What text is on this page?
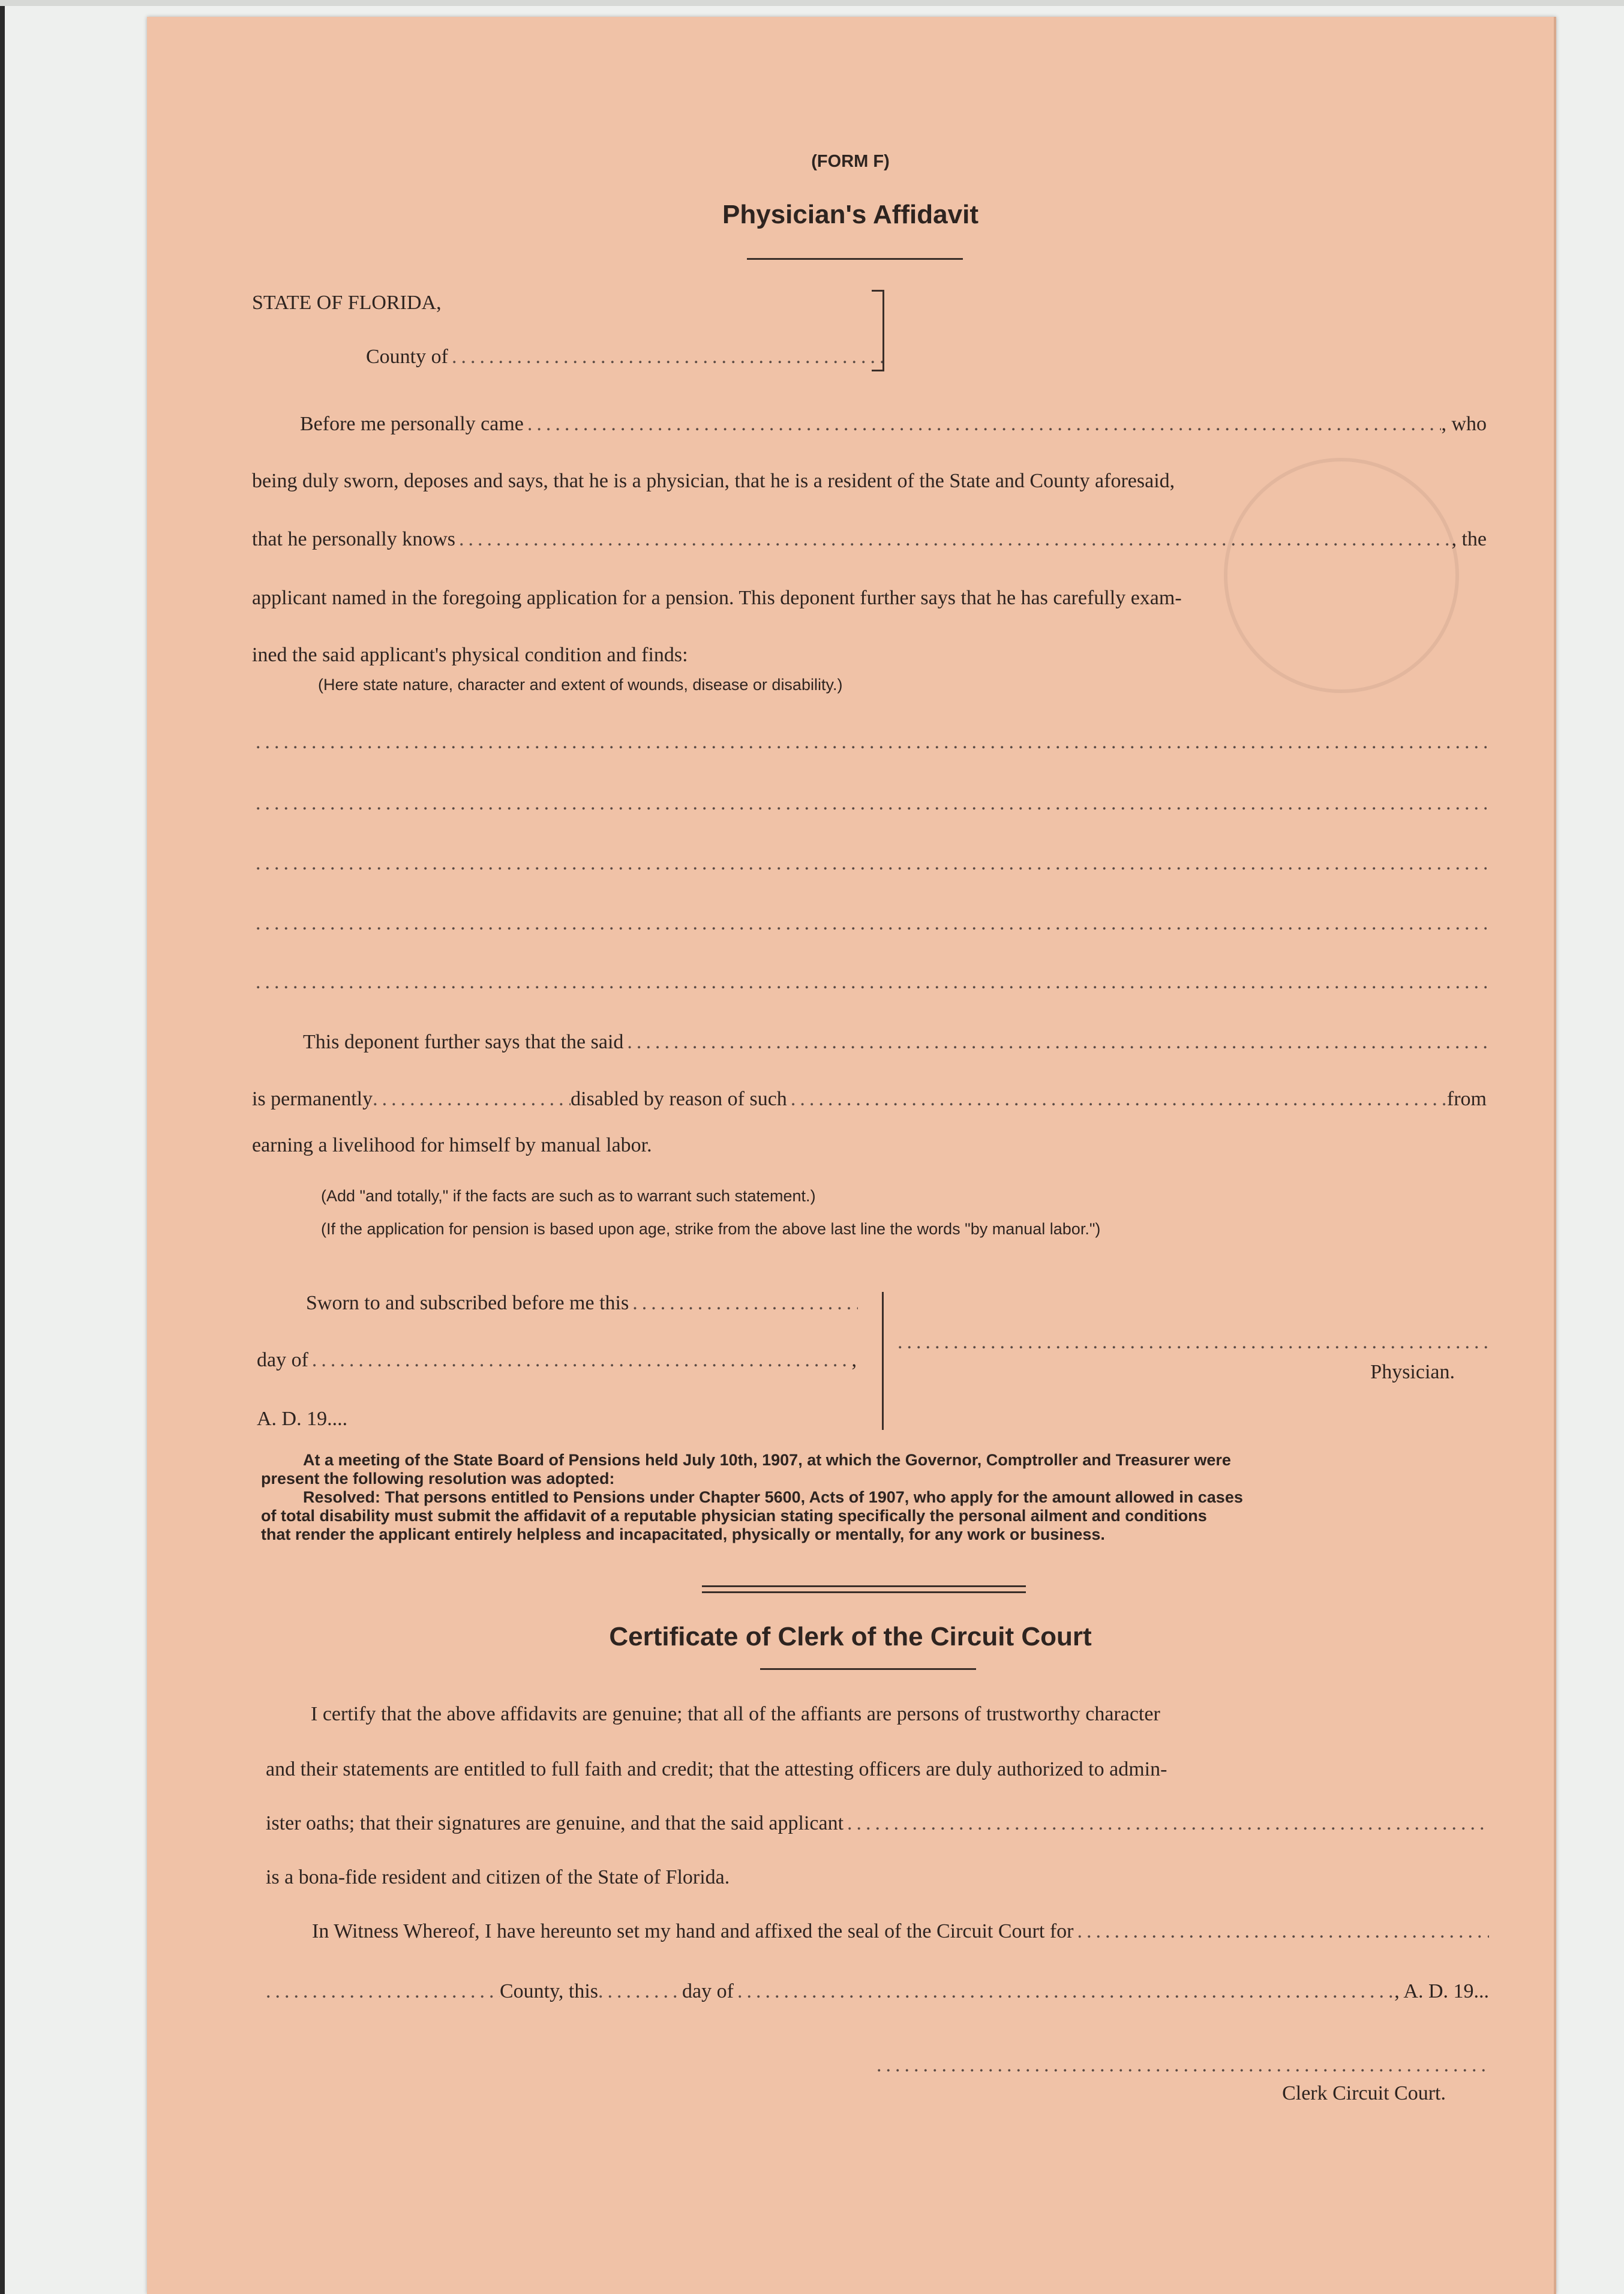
(FORM F)
Physician's Affidavit
STATE OF FLORIDA,
County of
.....
Before me personally came .....	, who
being duly sworn, deposes and says, that he is a physician, that he is a resident of the State and County aforesaid,
that he personally knows .....	, the
applicant named in the foregoing application for a pension. This deponent further says that he has carefully exam-
ined the said applicant's physical condition and finds:
(Here state nature, character and extent of wounds, disease or disability.)
.....
.....
.....
.....
.....
This deponent further says that the said
.....
is permanently .....	disabled by reason of such .....	from
earning a livelihood for himself by manual labor.
(Add "and totally," if the facts are such as to warrant such statement.)
(If the application for pension is based upon age, strike from the above last line the words "by manual labor.")
Sworn to and subscribed before me this
.....
day of .....	,
A. D. 19....
.....
Physician.
At a meeting of the State Board of Pensions held July 10th, 1907, at which the Governor, Comptroller and Treasurer were
present the following resolution was adopted:
Resolved: That persons entitled to Pensions under Chapter 5600, Acts of 1907, who apply for the amount allowed in cases
of total disability must submit the affidavit of a reputable physician stating specifically the personal ailment and conditions
that render the applicant entirely helpless and incapacitated, physically or mentally, for any work or business.
Certificate of Clerk of the Circuit Court
I certify that the above affidavits are genuine; that all of the affiants are persons of trustworthy character
and their statements are entitled to full faith and credit; that the attesting officers are duly authorized to admin-
ister oaths; that their signatures are genuine, and that the said applicant
.....
is a bona-fide resident and citizen of the State of Florida.
In Witness Whereof, I have hereunto set my hand and affixed the seal of the Circuit Court for
.....
.....
County, this .....	day of .....	, A. D. 19...
.....
Clerk Circuit Court.
